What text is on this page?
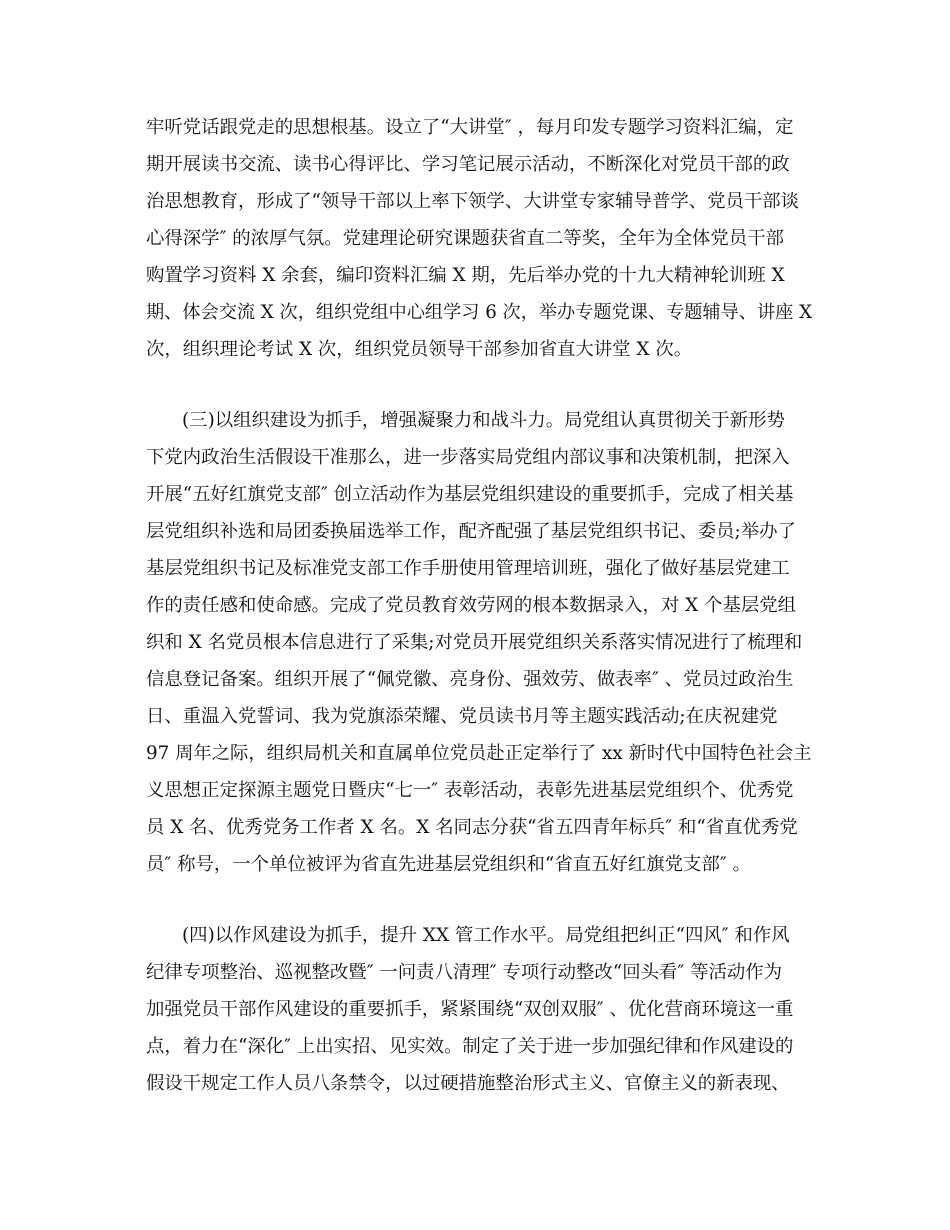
牢听党话跟党走的思想根基。设立了“大讲堂″ ，每月印发专题学习资料汇编，定
期开展读书交流、读书心得评比、学习笔记展示活动，不断深化对党员干部的政
治思想教育，形成了“领导干部以上率下领学、大讲堂专家辅导普学、党员干部谈
心得深学″ 的浓厚气氛。党建理论研究课题获省直二等奖，全年为全体党员干部
购置学习资料 X 余套，编印资料汇编 X 期，先后举办党的十九大精神轮训班 X
期、体会交流 X 次，组织党组中心组学习 6 次，举办专题党课、专题辅导、讲座 X
次，组织理论考试 X 次，组织党员领导干部参加省直大讲堂 X 次。
(三)以组织建设为抓手，增强凝聚力和战斗力。局党组认真贯彻关于新形势
下党内政治生活假设干准那么，进一步落实局党组内部议事和决策机制，把深入
开展“五好红旗党支部″ 创立活动作为基层党组织建设的重要抓手，完成了相关基
层党组织补选和局团委换届选举工作，配齐配强了基层党组织书记、委员;举办了
基层党组织书记及标准党支部工作手册使用管理培训班，强化了做好基层党建工
作的责任感和使命感。完成了党员教育效劳网的根本数据录入，对 X 个基层党组
织和 X 名党员根本信息进行了采集;对党员开展党组织关系落实情况进行了梳理和
信息登记备案。组织开展了“佩党徽、亮身份、强效劳、做表率″ 、党员过政治生
日、重温入党誓词、我为党旗添荣耀、党员读书月等主题实践活动;在庆祝建党
97 周年之际，组织局机关和直属单位党员赴正定举行了 xx 新时代中国特色社会主
义思想正定探源主题党日暨庆“七一″ 表彰活动，表彰先进基层党组织个、优秀党
员 X 名、优秀党务工作者 X 名。X 名同志分获“省五四青年标兵″ 和“省直优秀党
员″ 称号，一个单位被评为省直先进基层党组织和“省直五好红旗党支部″ 。
(四)以作风建设为抓手，提升 XX 管工作水平。局党组把纠正“四风″ 和作风
纪律专项整治、巡视整改暨″ 一问责八清理″ 专项行动整改“回头看″ 等活动作为
加强党员干部作风建设的重要抓手，紧紧围绕“双创双服″ 、优化营商环境这一重
点，着力在“深化″ 上出实招、见实效。制定了关于进一步加强纪律和作风建设的
假设干规定工作人员八条禁令，以过硬措施整治形式主义、官僚主义的新表现、
